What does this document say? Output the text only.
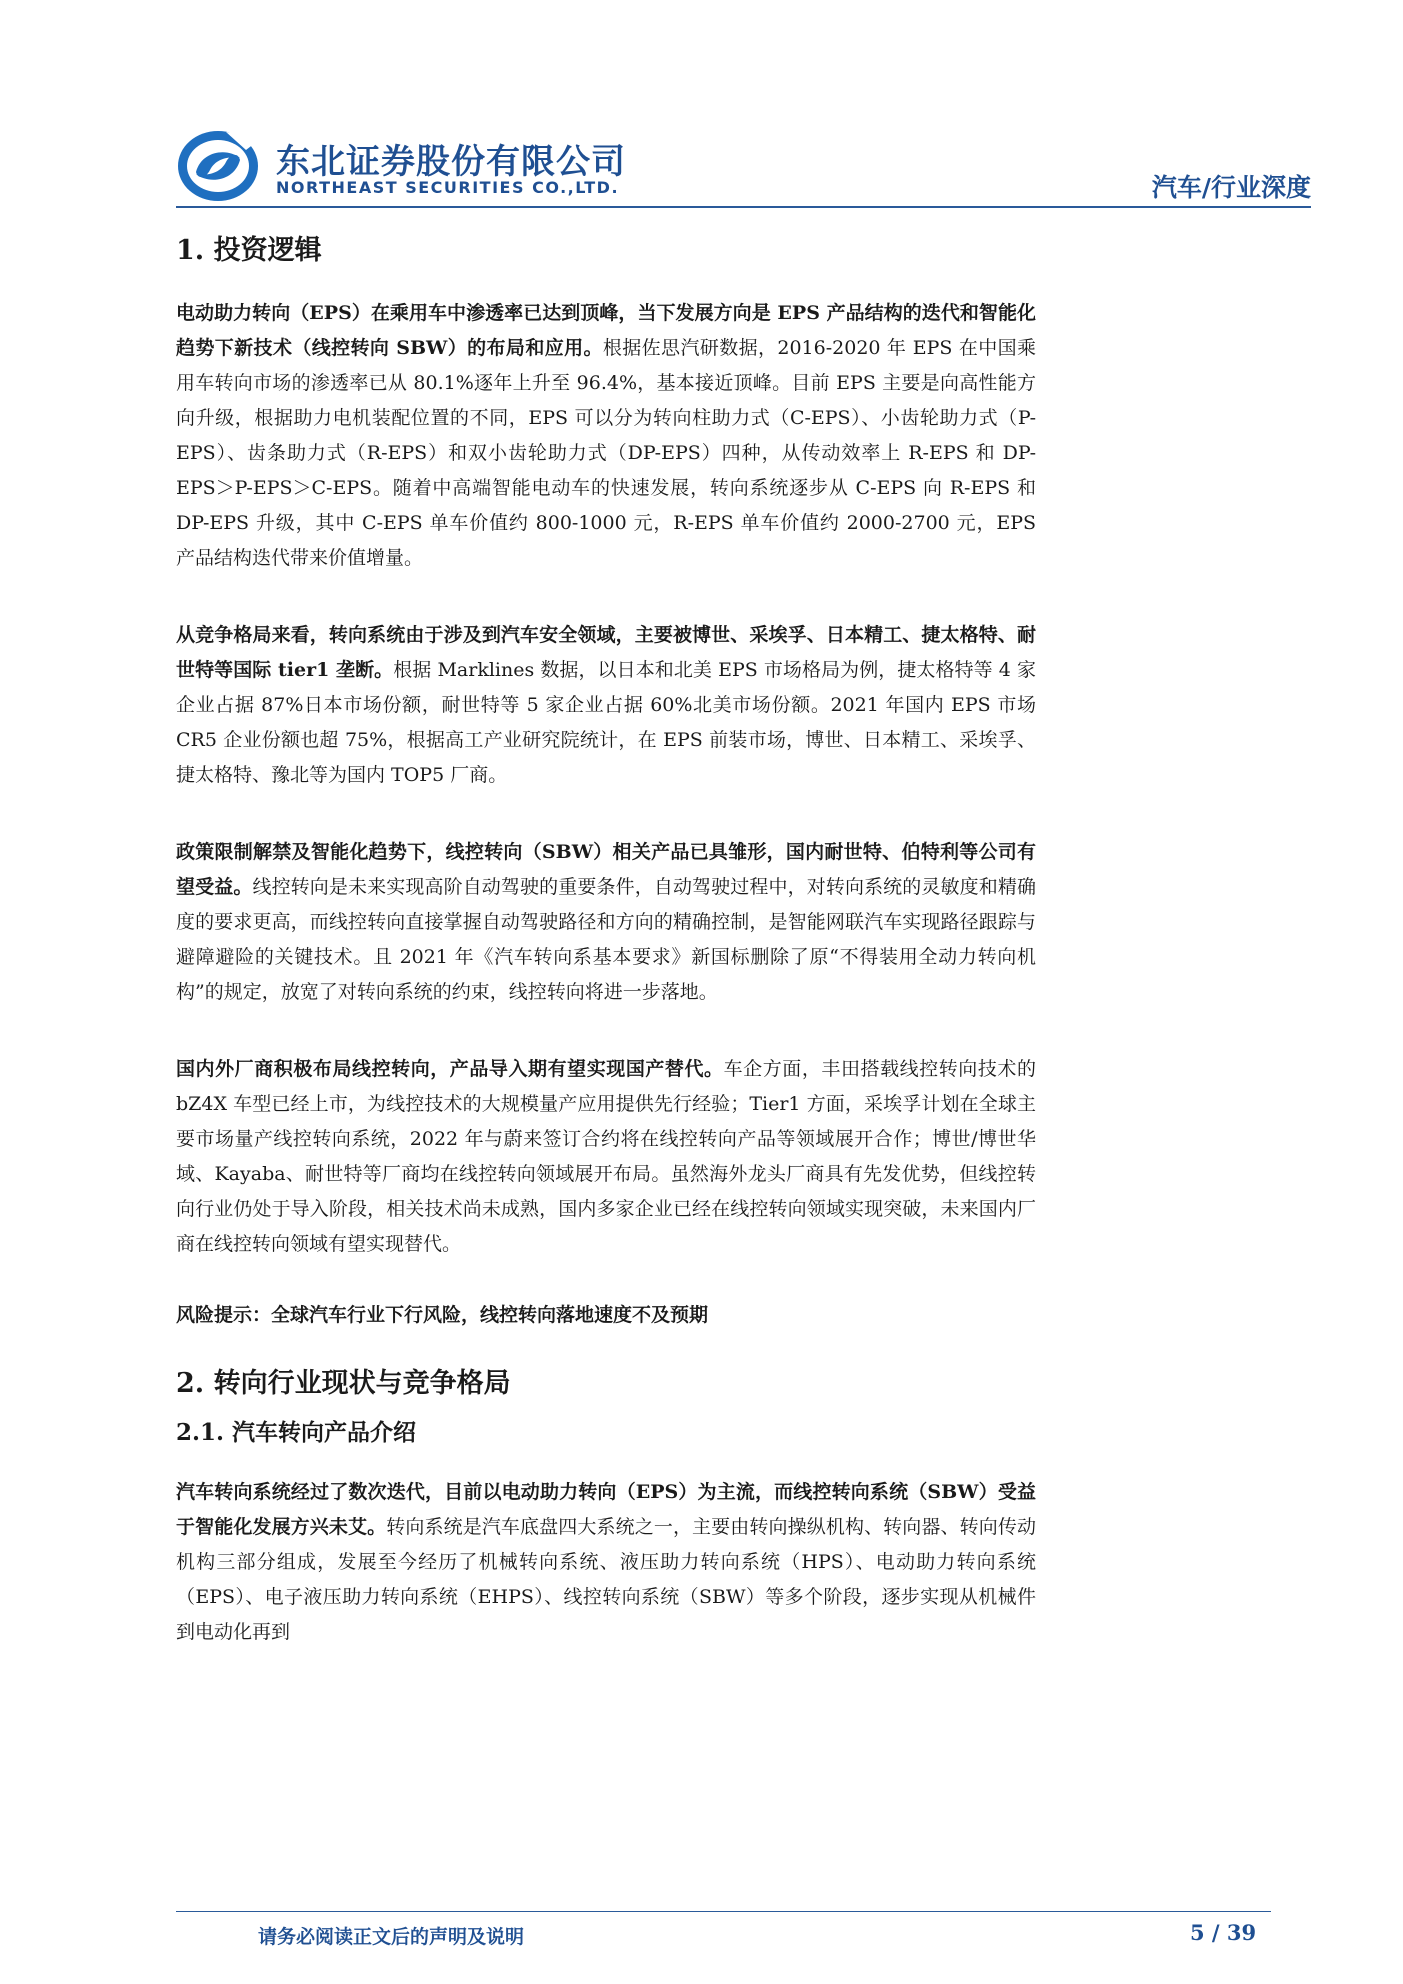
东北证券股份有限公司
NORTHEAST SECURITIES CO.,LTD.	汽车/行业深度
1. 投资逻辑

电动助力转向（EPS）在乘用车中渗透率已达到顶峰，当下发展方向是 EPS 产品结构的迭代和智能化趋势下新技术（线控转向 SBW）的布局和应用。根据佐思汽研数据，2016-2020 年 EPS 在中国乘用车转向市场的渗透率已从 80.1%逐年上升至 96.4%，基本接近顶峰。目前 EPS 主要是向高性能方向升级，根据助力电机装配位置的不同，EPS 可以分为转向柱助力式（C-EPS）、小齿轮助力式（P-EPS）、齿条助力式（R-EPS）和双小齿轮助力式（DP-EPS）四种，从传动效率上 R-EPS 和 DP-EPS＞P-EPS＞C-EPS。随着中高端智能电动车的快速发展，转向系统逐步从 C-EPS 向 R-EPS 和 DP-EPS 升级，其中 C-EPS 单车价值约 800-1000 元，R-EPS 单车价值约 2000-2700 元，EPS 产品结构迭代带来价值增量。

从竞争格局来看，转向系统由于涉及到汽车安全领域，主要被博世、采埃孚、日本精工、捷太格特、耐世特等国际 tier1 垄断。根据 Marklines 数据，以日本和北美 EPS 市场格局为例，捷太格特等 4 家企业占据 87%日本市场份额，耐世特等 5 家企业占据 60%北美市场份额。2021 年国内 EPS 市场 CR5 企业份额也超 75%，根据高工产业研究院统计，在 EPS 前装市场，博世、日本精工、采埃孚、捷太格特、豫北等为国内 TOP5 厂商。

政策限制解禁及智能化趋势下，线控转向（SBW）相关产品已具雏形，国内耐世特、伯特利等公司有望受益。线控转向是未来实现高阶自动驾驶的重要条件，自动驾驶过程中，对转向系统的灵敏度和精确度的要求更高，而线控转向直接掌握自动驾驶路径和方向的精确控制，是智能网联汽车实现路径跟踪与避障避险的关键技术。且 2021 年《汽车转向系基本要求》新国标删除了原“不得装用全动力转向机构”的规定，放宽了对转向系统的约束，线控转向将进一步落地。

国内外厂商积极布局线控转向，产品导入期有望实现国产替代。车企方面，丰田搭载线控转向技术的 bZ4X 车型已经上市，为线控技术的大规模量产应用提供先行经验；Tier1 方面，采埃孚计划在全球主要市场量产线控转向系统，2022 年与蔚来签订合约将在线控转向产品等领域展开合作；博世/博世华域、Kayaba、耐世特等厂商均在线控转向领域展开布局。虽然海外龙头厂商具有先发优势，但线控转向行业仍处于导入阶段，相关技术尚未成熟，国内多家企业已经在线控转向领域实现突破，未来国内厂商在线控转向领域有望实现替代。

风险提示：全球汽车行业下行风险，线控转向落地速度不及预期

2. 转向行业现状与竞争格局
2.1. 汽车转向产品介绍

汽车转向系统经过了数次迭代，目前以电动助力转向（EPS）为主流，而线控转向系统（SBW）受益于智能化发展方兴未艾。转向系统是汽车底盘四大系统之一，主要由转向操纵机构、转向器、转向传动机构三部分组成，发展至今经历了机械转向系统、液压助力转向系统（HPS）、电动助力转向系统（EPS）、电子液压助力转向系统（EHPS）、线控转向系统（SBW）等多个阶段，逐步实现从机械件到电动化再到

请务必阅读正文后的声明及说明	5 / 39
